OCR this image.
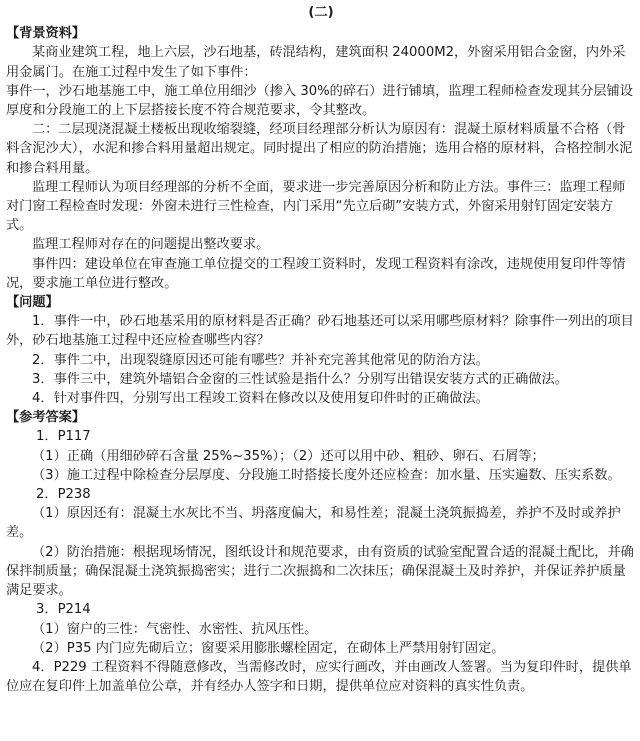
(二)
【背景资料】
某商业建筑工程，地上六层，沙石地基，砖混结构，建筑面积 24000M2，外窗采用铝合金窗，内外采用金属门。在施工过程中发生了如下事件：
事件一，沙石地基施工中，施工单位用细沙（掺入 30%的碎石）进行铺填，监理工程师检查发现其分层铺设厚度和分段施工的上下层搭接长度不符合规范要求，令其整改。
二：二层现浇混凝土楼板出现收缩裂缝，经项目经理部分析认为原因有：混凝土原材料质量不合格（骨料含泥沙大），水泥和掺合料用量超出规定。同时提出了相应的防治措施；选用合格的原材料，合格控制水泥和掺合料用量。
监理工程师认为项目经理部的分析不全面，要求进一步完善原因分析和防止方法。事件三：监理工程师对门窗工程检查时发现：外窗未进行三性检查，内门采用“先立后砌”安装方式，外窗采用射钉固定安装方式。
监理工程师对存在的问题提出整改要求。
事件四：建设单位在审查施工单位提交的工程竣工资料时，发现工程资料有涂改，违规使用复印件等情况，要求施工单位进行整改。
【问题】
1．事件一中，砂石地基采用的原材料是否正确？砂石地基还可以采用哪些原材料？除事件一列出的项目外，砂石地基施工过程中还应检查哪些内容？
2．事件二中，出现裂缝原因还可能有哪些？并补充完善其他常见的防治方法。
3．事件三中，建筑外墙铝合金窗的三性试验是指什么？分别写出错误安装方式的正确做法。
4．针对事件四，分别写出工程竣工资料在修改以及使用复印件时的正确做法。
【参考答案】
1．P117
（1）正确（用细砂碎石含量 25%~35%）；（2）还可以用中砂、粗砂、卵石、石屑等；
（3）施工过程中除检查分层厚度、分段施工时搭接长度外还应检查：加水量、压实遍数、压实系数。
2．P238
（1）原因还有：混凝土水灰比不当、坍落度偏大，和易性差；混凝土浇筑振捣差，养护不及时或养护差。
（2）防治措施：根据现场情况，图纸设计和规范要求，由有资质的试验室配置合适的混凝土配比，并确保拌制质量；确保混凝土浇筑振捣密实；进行二次振捣和二次抹压；确保混凝土及时养护，并保证养护质量满足要求。
3．P214
（1）窗户的三性：气密性、水密性、抗风压性。
（2）P35 内门应先砌后立；窗要采用膨胀螺栓固定，在砌体上严禁用射钉固定。
4．P229 工程资料不得随意修改，当需修改时，应实行画改，并由画改人签署。当为复印件时，提供单位应在复印件上加盖单位公章，并有经办人签字和日期，提供单位应对资料的真实性负责。
